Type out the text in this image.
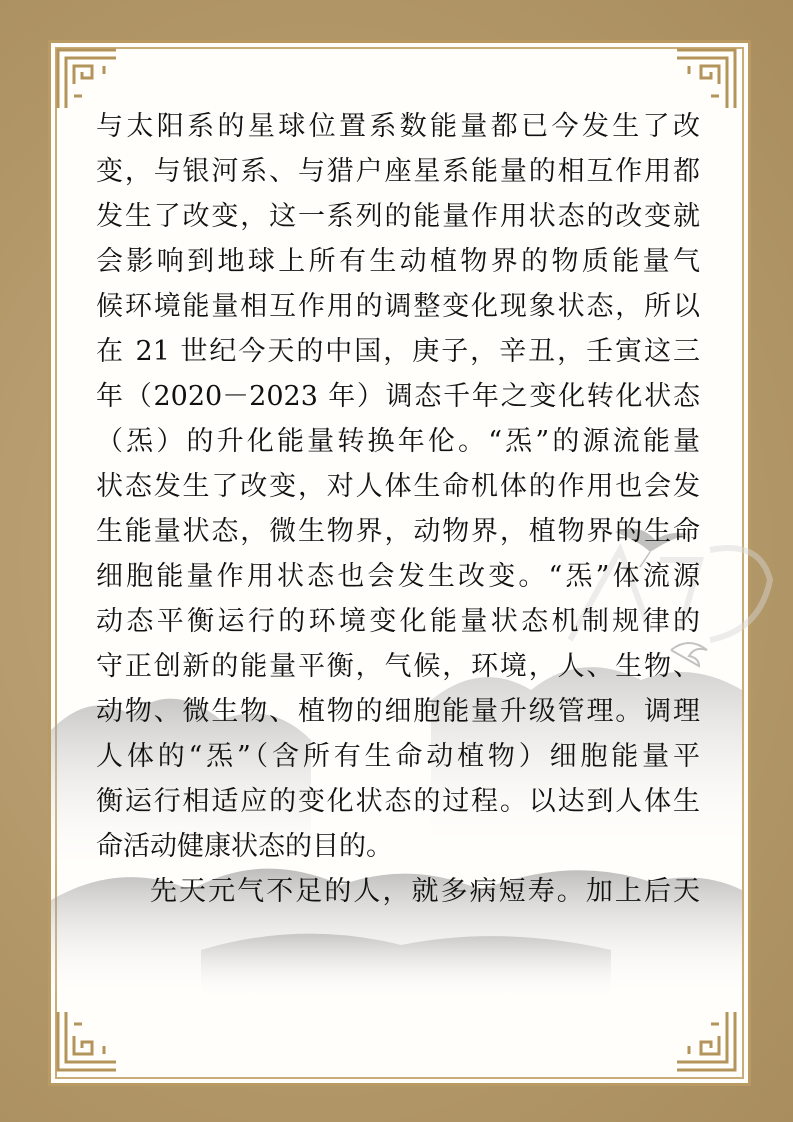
与太阳系的星球位置系数能量都已今发生了改
变，与银河系、与猎户座星系能量的相互作用都
发生了改变，这一系列的能量作用状态的改变就
会影响到地球上所有生动植物界的物质能量气
候环境能量相互作用的调整变化现象状态，所以
在 21 世纪今天的中国，庚子，辛丑，壬寅这三
年（2020－2023 年）调态千年之变化转化状态
（炁）的升化能量转换年伦。“炁”的源流能量
状态发生了改变，对人体生命机体的作用也会发
生能量状态，微生物界，动物界，植物界的生命
细胞能量作用状态也会发生改变。“炁”体流源
动态平衡运行的环境变化能量状态机制规律的
守正创新的能量平衡，气候，环境，人、生物、
动物、微生物、植物的细胞能量升级管理。调理
人体的“炁”（含所有生命动植物）细胞能量平
衡运行相适应的变化状态的过程。以达到人体生
命活动健康状态的目的。
先天元气不足的人，就多病短寿。加上后天
